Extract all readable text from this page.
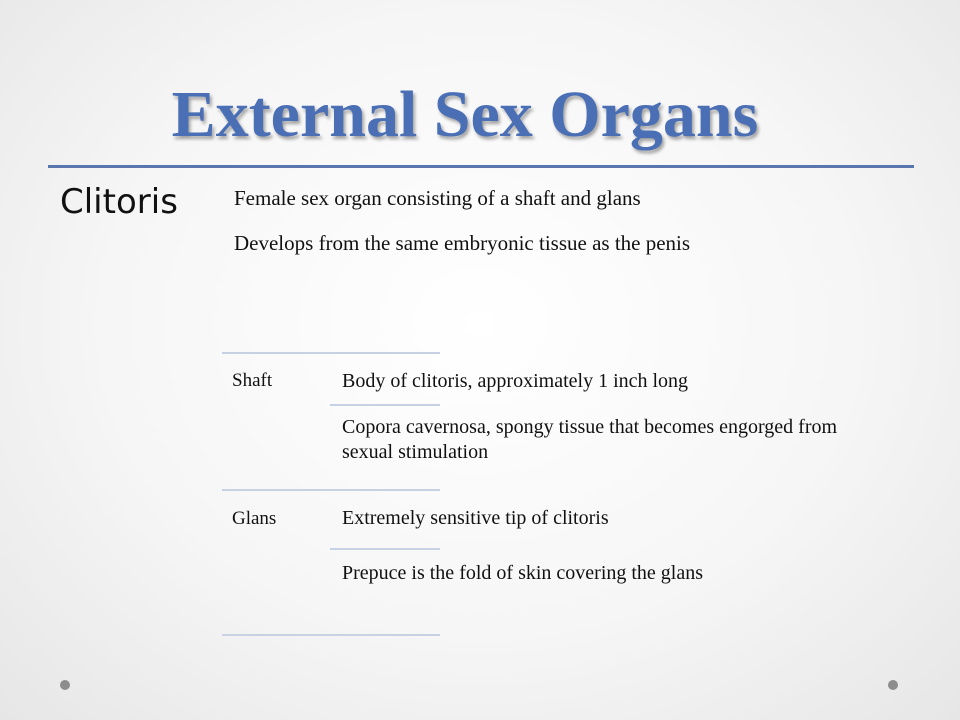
External Sex Organs
Clitoris	Female sex organ consisting of a shaft and glans
Develops from the same embryonic tissue as the penis
Shaft	Body of clitoris, approximately 1 inch long
Copora cavernosa, spongy tissue that becomes engorged from sexual stimulation
Glans	Extremely sensitive tip of clitoris
Prepuce is the fold of skin covering the glans
